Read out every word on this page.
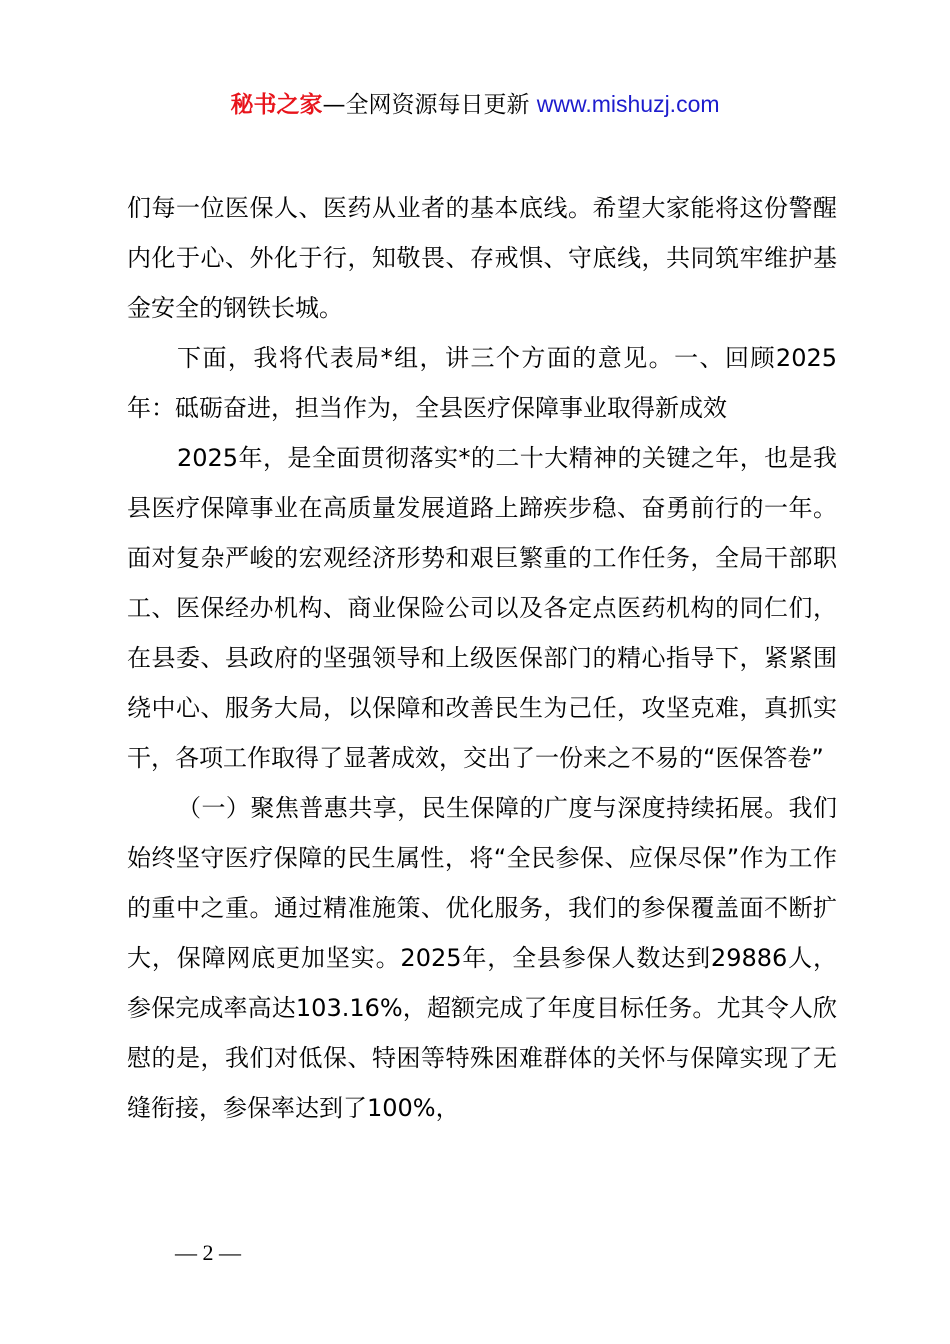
秘书之家—全网资源每日更新 www.mishuzj.com

们每一位医保人、医药从业者的基本底线。希望大家能将这份警醒内化于心、外化于行，知敬畏、存戒惧、守底线，共同筑牢维护基金安全的钢铁长城。

下面，我将代表局*组，讲三个方面的意见。一、回顾2025年：砥砺奋进，担当作为，全县医疗保障事业取得新成效

2025年，是全面贯彻落实*的二十大精神的关键之年，也是我县医疗保障事业在高质量发展道路上蹄疾步稳、奋勇前行的一年。面对复杂严峻的宏观经济形势和艰巨繁重的工作任务，全局干部职工、医保经办机构、商业保险公司以及各定点医药机构的同仁们，在县委、县政府的坚强领导和上级医保部门的精心指导下，紧紧围绕中心、服务大局，以保障和改善民生为己任，攻坚克难，真抓实干，各项工作取得了显著成效，交出了一份来之不易的“医保答卷”

（一）聚焦普惠共享，民生保障的广度与深度持续拓展。我们始终坚守医疗保障的民生属性，将“全民参保、应保尽保”作为工作的重中之重。通过精准施策、优化服务，我们的参保覆盖面不断扩大，保障网底更加坚实。2025年，全县参保人数达到29886人，参保完成率高达103.16%，超额完成了年度目标任务。尤其令人欣慰的是，我们对低保、特困等特殊困难群体的关怀与保障实现了无缝衔接，参保率达到了100%，

— 2 —
